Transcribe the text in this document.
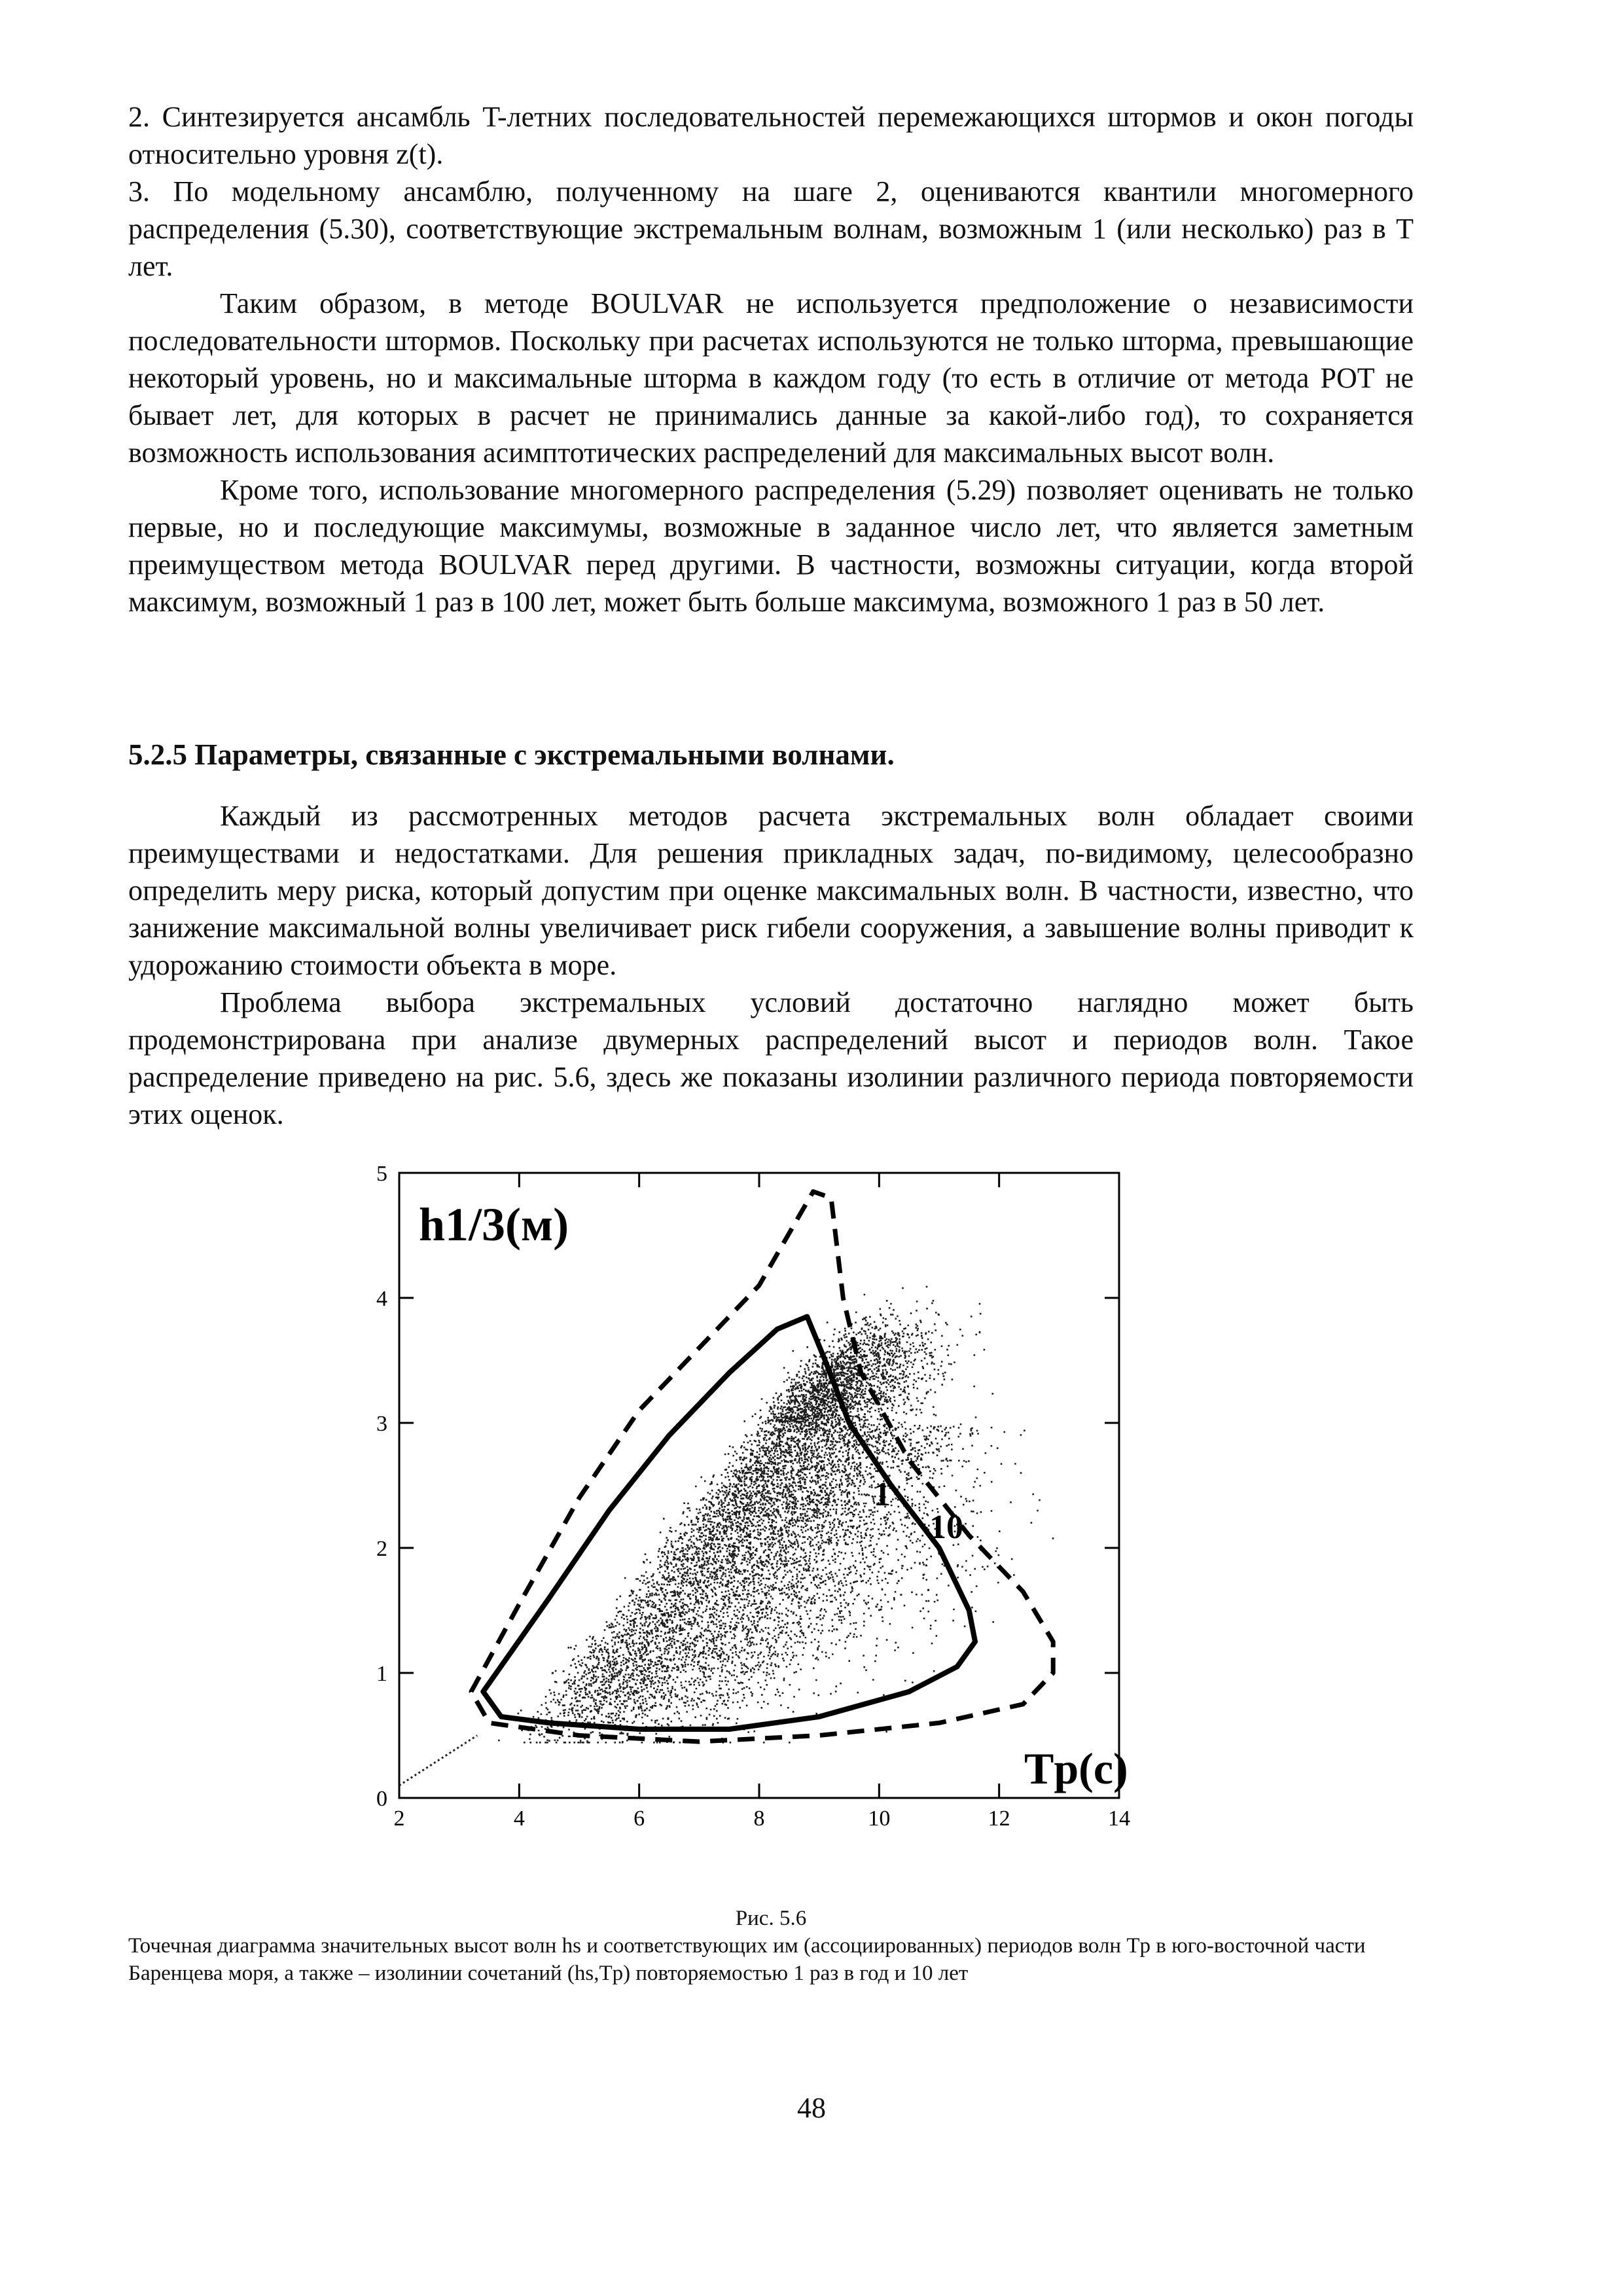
2. Синтезируется ансамбль T-летних последовательностей перемежающихся штормов и окон погоды относительно уровня z(t).

3. По модельному ансамблю, полученному на шаге 2, оцениваются квантили многомерного распределения (5.30), соответствующие экстремальным волнам, возможным 1 (или несколько) раз в T лет.

Таким образом, в методе BOULVAR не используется предположение о независимости последовательности штормов. Поскольку при расчетах используются не только шторма, превышающие некоторый уровень, но и максимальные шторма в каждом году (то есть в отличие от метода POT не бывает лет, для которых в расчет не принимались данные за какой-либо год), то сохраняется возможность использования асимптотических распределений для максимальных высот волн.

Кроме того, использование многомерного распределения (5.29) позволяет оценивать не только первые, но и последующие максимумы, возможные в заданное число лет, что является заметным преимуществом метода BOULVAR перед другими. В частности, возможны ситуации, когда второй максимум, возможный 1 раз в 100 лет, может быть больше максимума, возможного 1 раз в 50 лет.

5.2.5 Параметры, связанные с экстремальными волнами.

Каждый из рассмотренных методов расчета экстремальных волн обладает своими преимуществами и недостатками. Для решения прикладных задач, по-видимому, целесообразно определить меру риска, который допустим при оценке максимальных волн. В частности, известно, что занижение максимальной волны увеличивает риск гибели сооружения, а завышение волны приводит к удорожанию стоимости объекта в море.

Проблема выбора экстремальных условий достаточно наглядно может быть продемонстрирована при анализе двумерных распределений высот и периодов волн. Такое распределение приведено на рис. 5.6, здесь же показаны изолинии различного периода повторяемости этих оценок.

2	4	6	8	10	12	14
0
1
2
3
4
5
h1/3(м)
Tp(c)
1
10
Рис. 5.6
Точечная диаграмма значительных высот волн hs и соответствующих им (ассоциированных) периодов волн Tp в юго-восточной части Баренцева моря, а также – изолинии сочетаний (hs,Tp) повторяемостью 1 раз в год и 10 лет
48
